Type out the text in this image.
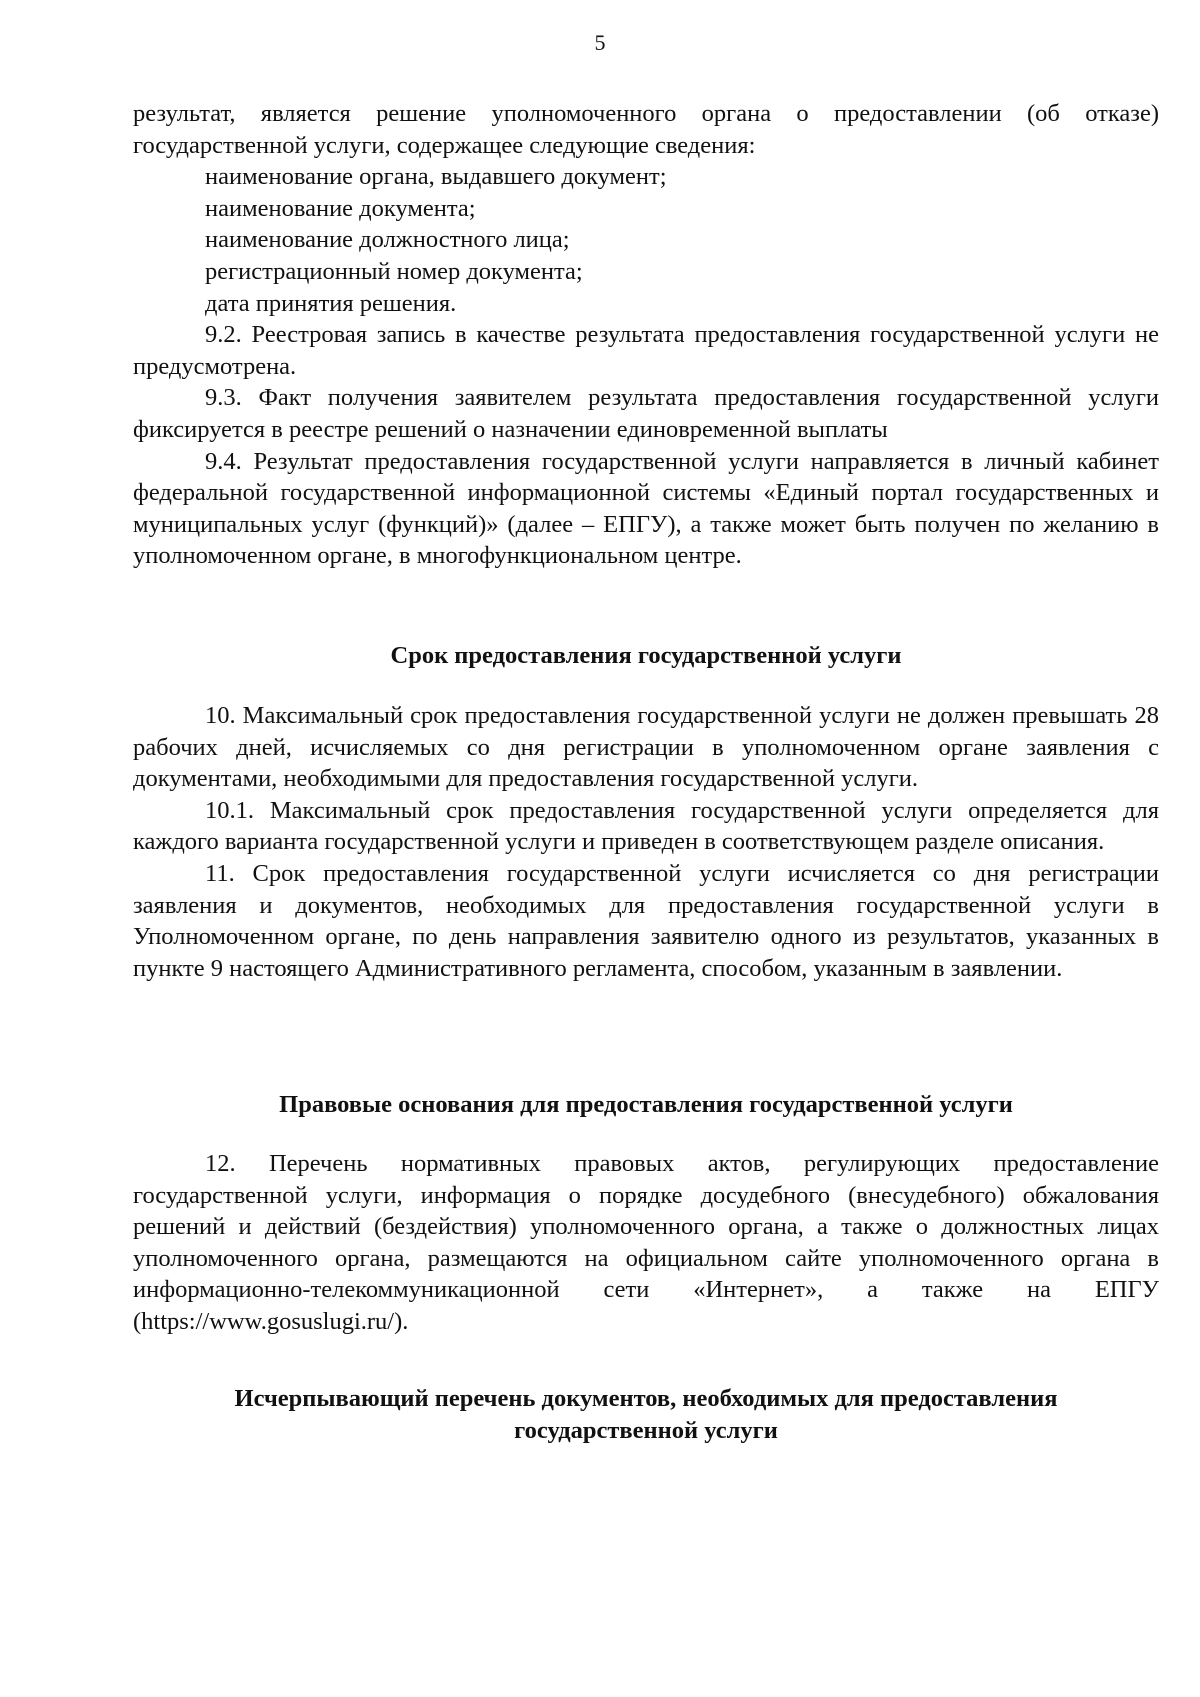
5

результат, является решение уполномоченного органа о предоставлении (об отказе) государственной услуги, содержащее следующие сведения:

наименование органа, выдавшего документ;

наименование документа;

наименование должностного лица;

регистрационный номер документа;

дата принятия решения.

9.2. Реестровая запись в качестве результата предоставления государственной услуги не предусмотрена.

9.3. Факт получения заявителем результата предоставления государственной услуги фиксируется в реестре решений о назначении единовременной выплаты

9.4. Результат предоставления государственной услуги направляется в личный кабинет федеральной государственной информационной системы «Единый портал государственных и муниципальных услуг (функций)» (далее – ЕПГУ), а также может быть получен по желанию в уполномоченном органе, в многофункциональном центре.

Срок предоставления государственной услуги

10. Максимальный срок предоставления государственной услуги не должен превышать 28 рабочих дней, исчисляемых со дня регистрации в уполномоченном органе заявления с документами, необходимыми для предоставления государственной услуги.

10.1. Максимальный срок предоставления государственной услуги определяется для каждого варианта государственной услуги и приведен в соответствующем разделе описания.

11. Срок предоставления государственной услуги исчисляется со дня регистрации заявления и документов, необходимых для предоставления государственной услуги в Уполномоченном органе, по день направления заявителю одного из результатов, указанных в пункте 9 настоящего Административного регламента, способом, указанным в заявлении.

Правовые основания для предоставления государственной услуги

12. Перечень нормативных правовых актов, регулирующих предоставление государственной услуги, информация о порядке досудебного (внесудебного) обжалования решений и действий (бездействия) уполномоченного органа, а также о должностных лицах уполномоченного органа, размещаются на официальном сайте уполномоченного органа в информационно-телекоммуникационной сети «Интернет», а также на ЕПГУ (https://www.gosuslugi.ru/).

Исчерпывающий перечень документов, необходимых для предоставления

государственной услуги
